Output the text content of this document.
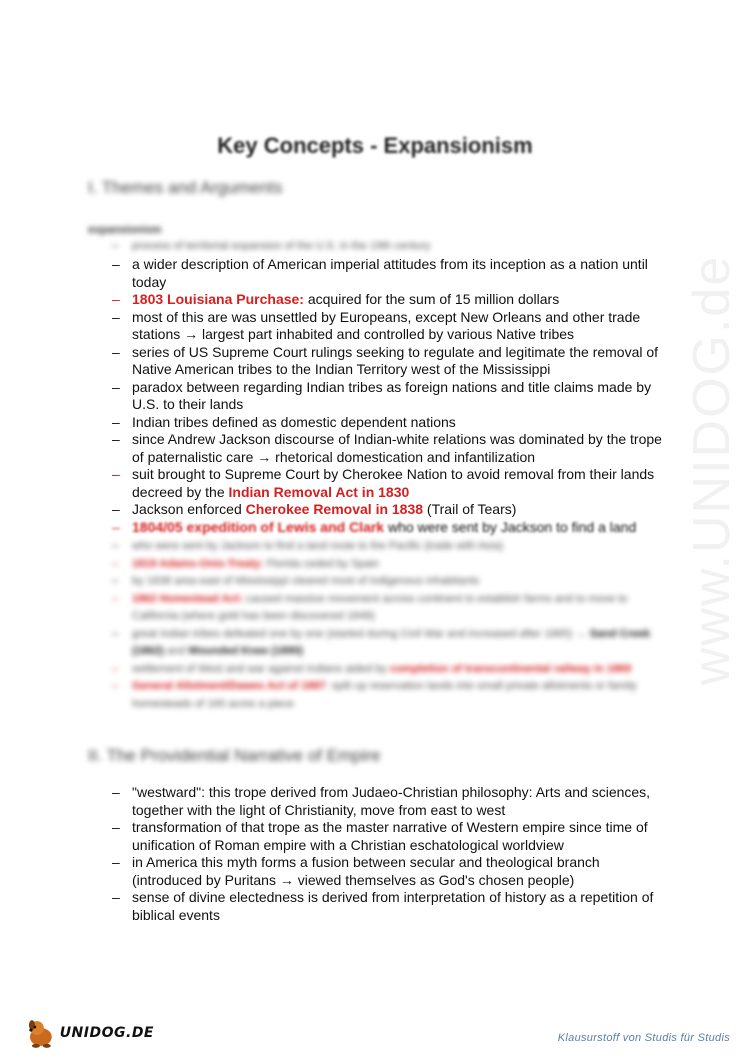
www.UNIDOG.de
Key Concepts - Expansionism
I. Themes and Arguments
expansionism
– process of territorial expansion of the U.S. in the 19th century
– a wider description of American imperial attitudes from its inception as a nation until today
– 1803 Louisiana Purchase: acquired for the sum of 15 million dollars
– most of this are was unsettled by Europeans, except New Orleans and other trade stations → largest part inhabited and controlled by various Native tribes
– series of US Supreme Court rulings seeking to regulate and legitimate the removal of Native American tribes to the Indian Territory west of the Mississippi
– paradox between regarding Indian tribes as foreign nations and title claims made by U.S. to their lands
– Indian tribes defined as domestic dependent nations
– since Andrew Jackson discourse of Indian-white relations was dominated by the trope of paternalistic care → rhetorical domestication and infantilization
– suit brought to Supreme Court by Cherokee Nation to avoid removal from their lands decreed by the Indian Removal Act in 1830
– Jackson enforced Cherokee Removal in 1838 (Trail of Tears)
– 1804/05 expedition of Lewis and Clark who were sent by Jackson to find a land
– who were sent by Jackson to find a land route to the Pacific (trade with Asia)
– 1819 Adams-Onis-Treaty: Florida ceded by Spain
– by 1838 area east of Mississippi cleared most of indigenous inhabitants
– 1862 Homestead Act: caused massive movement across continent to establish farms and to move to California (where gold has been discovered 1848)
– great Indian tribes defeated one by one (started during Civil War and increased after 1865) → Sand Creek (1862) and Wounded Knee (1890)
– settlement of West and war against Indians aided by completion of transcontinental railway in 1869
– General Allotment/Dawes Act of 1887: split up reservation lands into small private allotments or family homesteads of 160 acres a piece
II. The Providential Narrative of Empire
– "westward": this trope derived from Judaeo-Christian philosophy: Arts and sciences, together with the light of Christianity, move from east to west
– transformation of that trope as the master narrative of Western empire since time of unification of Roman empire with a Christian eschatological worldview
– in America this myth forms a fusion between secular and theological branch (introduced by Puritans → viewed themselves as God's chosen people)
– sense of divine electedness is derived from interpretation of history as a repetition of biblical events
UNIDOG.DE	Klausurstoff von Studis für Studis
